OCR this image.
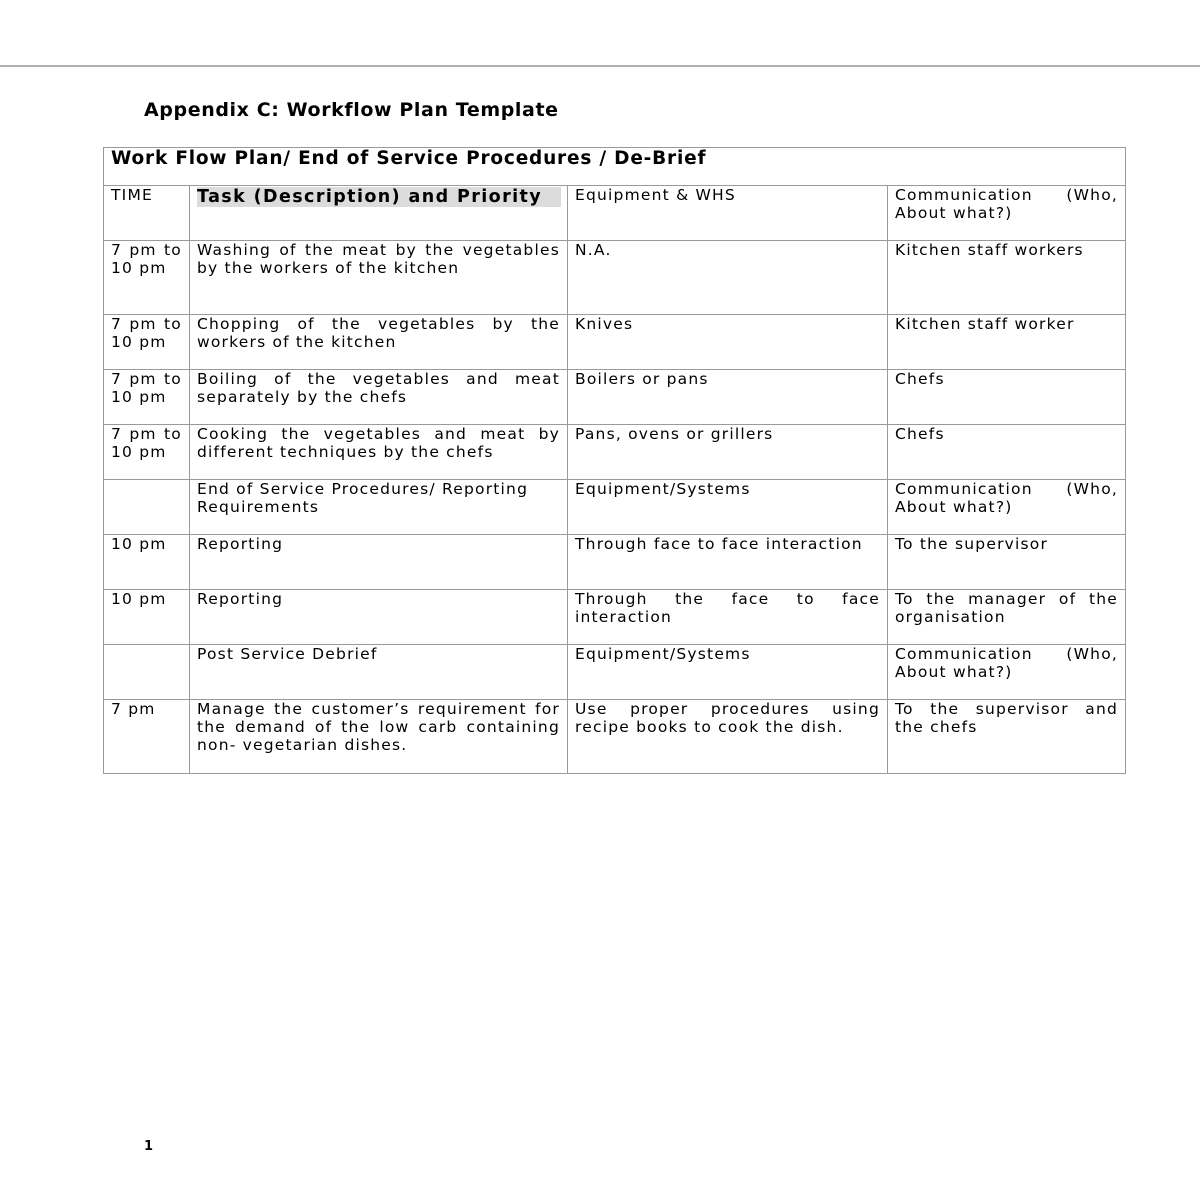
Appendix C: Workflow Plan Template
Work Flow Plan/ End of Service Procedures / De-Brief			
TIME	Task (Description) and Priority	Equipment & WHS	Communication (Who, About what?)
7 pm to 10 pm	Washing of the meat by the vegetables by the workers of the kitchen	N.A.	Kitchen staff workers
7 pm to 10 pm	Chopping of the vegetables by the workers of the kitchen	Knives	Kitchen staff worker
7 pm to 10 pm	Boiling of the vegetables and meat separately by the chefs	Boilers or pans	Chefs
7 pm to 10 pm	Cooking the vegetables and meat by different techniques by the chefs	Pans, ovens or grillers	Chefs
	End of Service Procedures/ Reporting Requirements	Equipment/Systems	Communication (Who, About what?)
10 pm	Reporting	Through face to face interaction	To the supervisor
10 pm	Reporting	Through the face to face interaction	To the manager of the organisation
	Post Service Debrief	Equipment/Systems	Communication (Who, About what?)
7 pm	Manage the customer’s requirement for the demand of the low carb containing non- vegetarian dishes.	Use proper procedures using recipe books to cook the dish.	To the supervisor and the chefs
1
